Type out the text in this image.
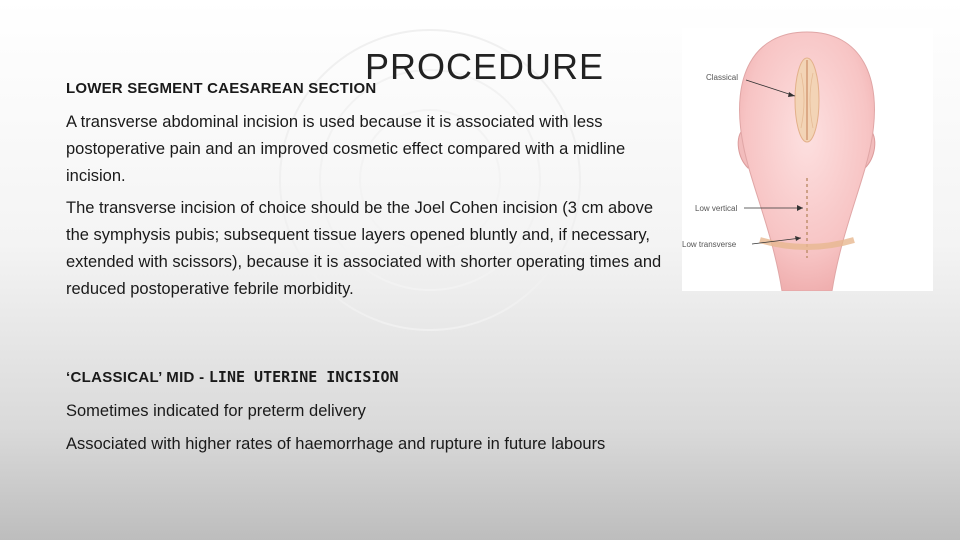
PROCEDURE
LOWER SEGMENT CAESAREAN SECTION

A transverse abdominal incision is used because it is associated with less postoperative pain and an improved cosmetic effect compared with a midline incision.

The transverse incision of choice should be the Joel Cohen incision (3 cm above the symphysis pubis; subsequent tissue layers opened bluntly and, if necessary, extended with scissors), because it is associated with shorter operating times and reduced postoperative febrile morbidity.

‘CLASSICAL’ MID - LINE UTERINE INCISION

Sometimes indicated for preterm delivery

Associated with higher rates of haemorrhage and rupture in future labours

Classical
Low vertical
Low transverse
